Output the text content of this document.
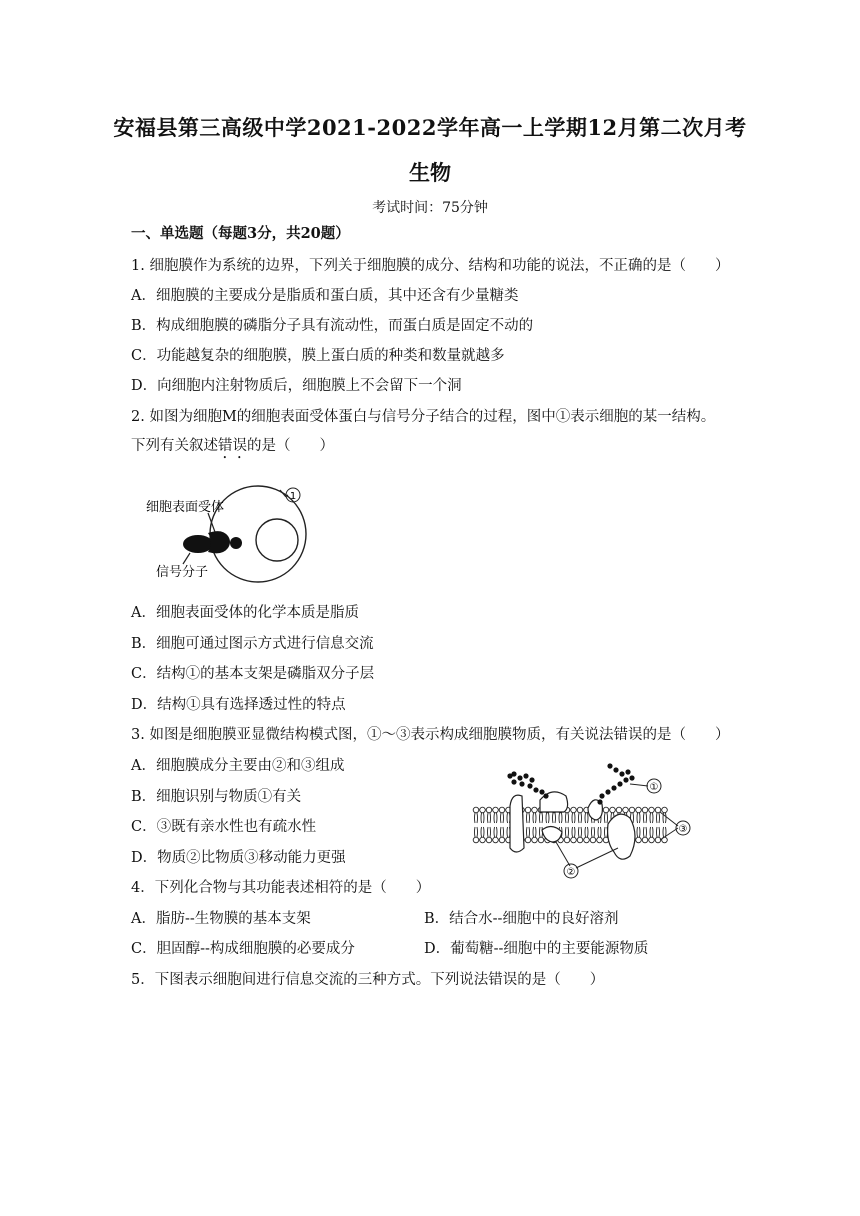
安福县第三高级中学2021-2022学年高一上学期12月第二次月考
生物
考试时间：75分钟
一、单选题（每题3分，共20题）
1. 细胞膜作为系统的边界，下列关于细胞膜的成分、结构和功能的说法，不正确的是（　　）
A．细胞膜的主要成分是脂质和蛋白质，其中还含有少量糖类
B．构成细胞膜的磷脂分子具有流动性，而蛋白质是固定不动的
C．功能越复杂的细胞膜，膜上蛋白质的种类和数量就越多
D．向细胞内注射物质后，细胞膜上不会留下一个洞
2. 如图为细胞M的细胞表面受体蛋白与信号分子结合的过程，图中①表示细胞的某一结构。
下列有关叙述错误的是（　　）
1
细胞表面受体
信号分子
A．细胞表面受体的化学本质是脂质
B．细胞可通过图示方式进行信息交流
C．结构①的基本支架是磷脂双分子层
D．结构①具有选择透过性的特点
3. 如图是细胞膜亚显微结构模式图，①～③表示构成细胞膜物质，有关说法错误的是（　　）
A．细胞膜成分主要由②和③组成
B．细胞识别与物质①有关
C．③既有亲水性也有疏水性
D．物质②比物质③移动能力更强
①
③
②
4．下列化合物与其功能表述相符的是（　　）
A．脂肪--生物膜的基本支架	B．结合水--细胞中的良好溶剂
C．胆固醇--构成细胞膜的必要成分	D．葡萄糖--细胞中的主要能源物质
5．下图表示细胞间进行信息交流的三种方式。下列说法错误的是（　　）
